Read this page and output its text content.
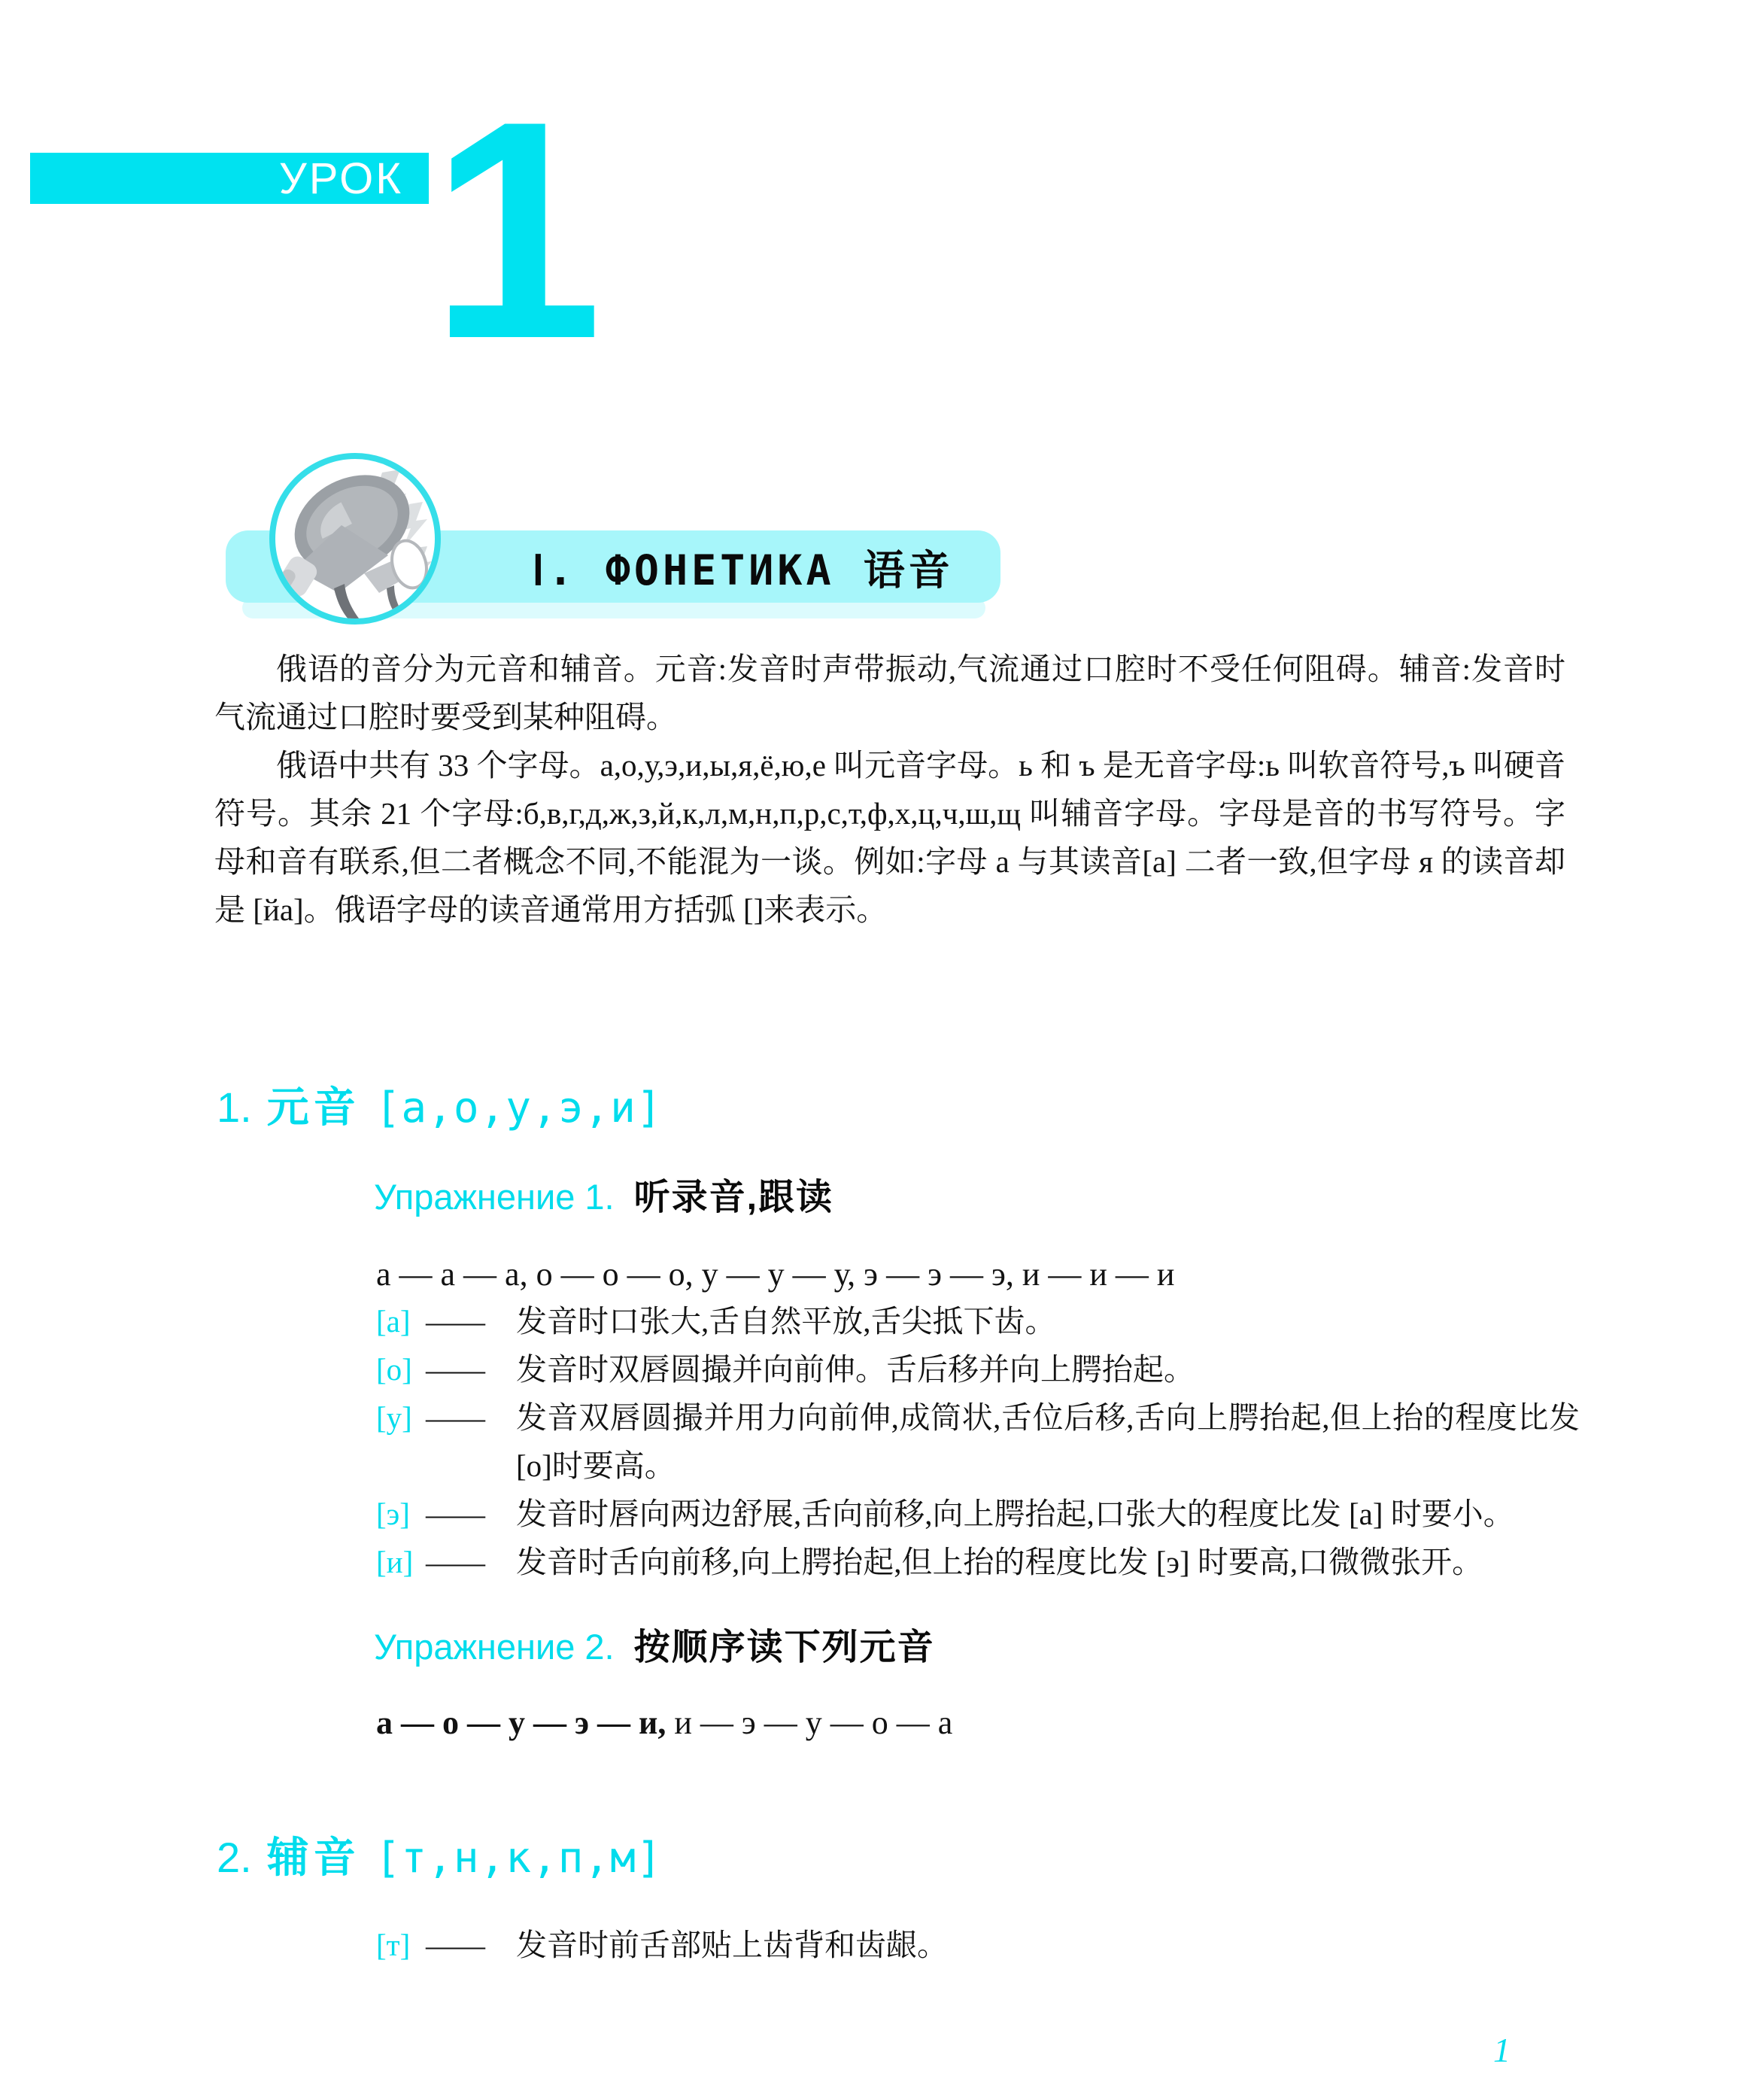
УРОК 1
Ⅰ. ФОНЕТИКА 语音

俄语的音分为元音和辅音。元音:发音时声带振动,气流通过口腔时不受任何阻碍。辅音:发音时气流通过口腔时要受到某种阻碍。

俄语中共有 33 个字母。а,о,у,э,и,ы,я,ё,ю,е 叫元音字母。ь 和 ъ 是无音字母:ь 叫软音符号,ъ 叫硬音符号。其余 21 个字母:б,в,г,д,ж,з,й,к,л,м,н,п,р,с,т,ф,х,ц,ч,ш,щ 叫辅音字母。字母是音的书写符号。字母和音有联系,但二者概念不同,不能混为一谈。例如:字母 а 与其读音[а] 二者一致,但字母 я 的读音却是 [йа]。俄语字母的读音通常用方括弧 []来表示。

1. 元音 [а,о,у,э,и]
Упражнение 1. 听录音,跟读
а — а — а, о — о — о, у — у — у, э — э — э, и — и — и
[а] ——	发音时口张大,舌自然平放,舌尖抵下齿。
[о] ——	发音时双唇圆撮并向前伸。舌后移并向上腭抬起。
[у] ——	发音双唇圆撮并用力向前伸,成筒状,舌位后移,舌向上腭抬起,但上抬的程度比发 [о]时要高。
[э] ——	发音时唇向两边舒展,舌向前移,向上腭抬起,口张大的程度比发 [а] 时要小。
[и] ——	发音时舌向前移,向上腭抬起,但上抬的程度比发 [э] 时要高,口微微张开。
Упражнение 2. 按顺序读下列元音
а — о — у — э — и, и — э — у — о — а
2. 辅音 [т,н,к,п,м]
[т] ——	发音时前舌部贴上齿背和齿龈。
1
